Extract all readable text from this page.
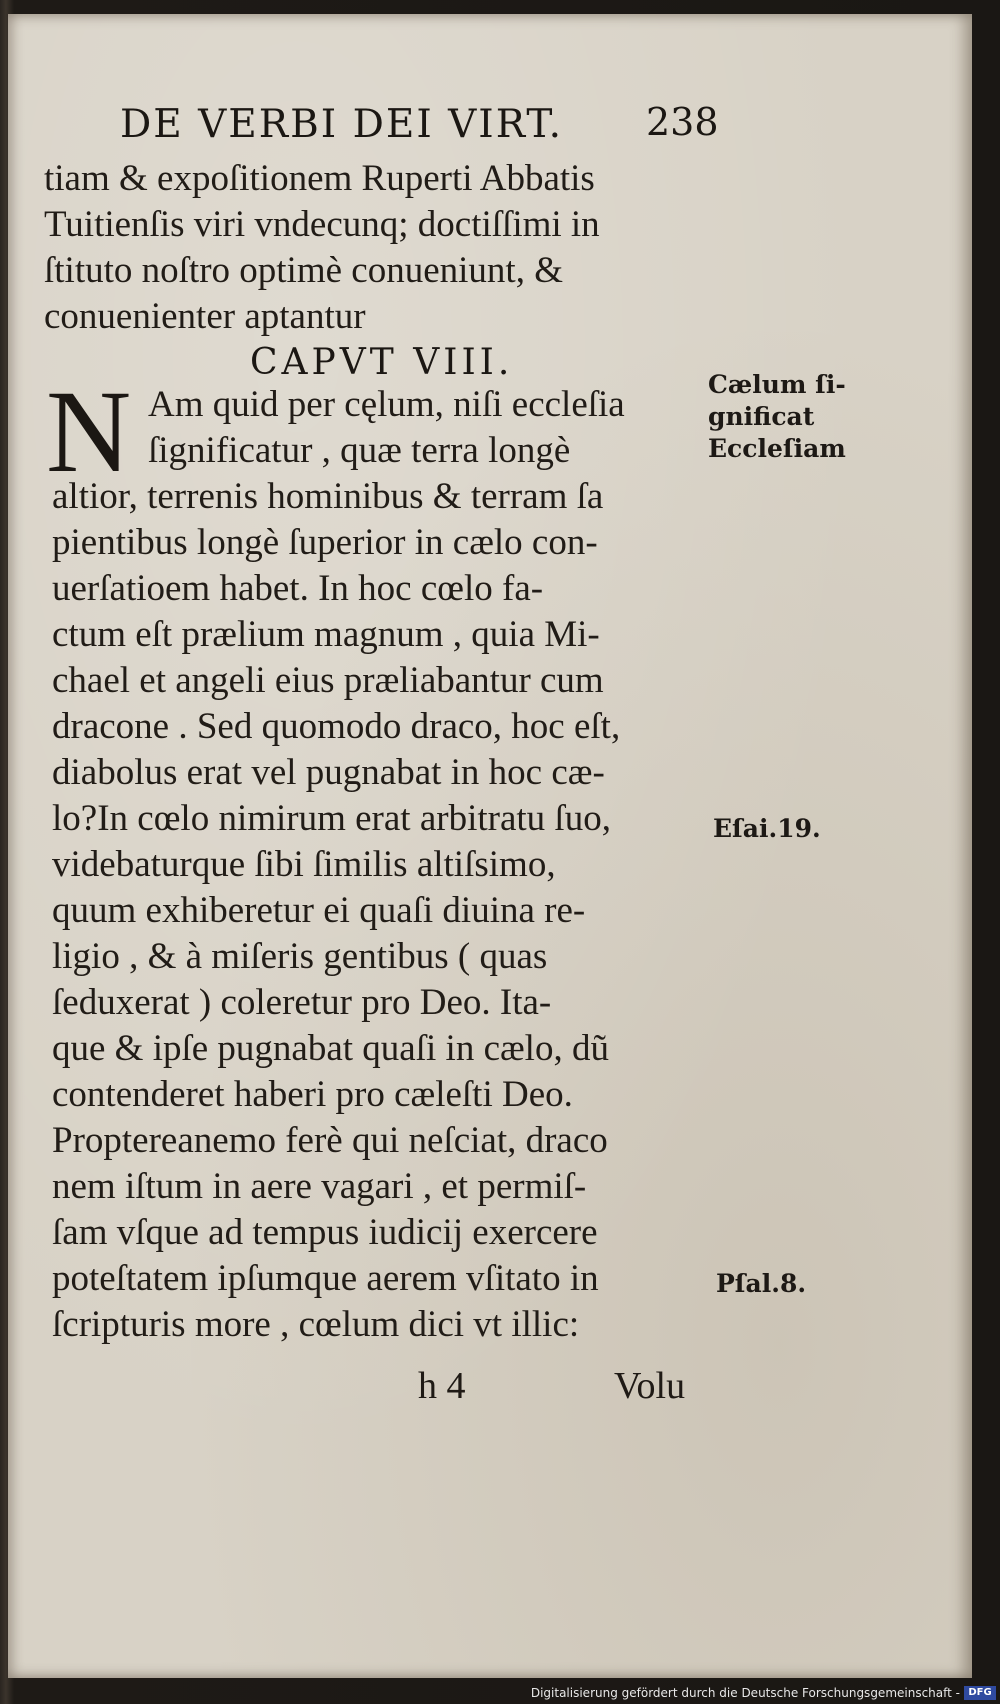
DE VERBI DEI VIRT. 238
tiam & expoſitionem Ruperti Abbatis
Tuitienſis viri vndecunq; doctiſſimi in
ſtituto noſtro optimè conueniunt, &
conuenienter aptantur
CAPVT VIII.
N Am quid per cęlum, niſi eccleſia
ſignificatur , quæ terra longè
altior, terrenis hominibus & terram ſa
pientibus longè ſuperior in cælo con-
uerſatioem habet. In hoc cœlo fa-
ctum eſt prælium magnum , quia Mi-
chael et angeli eius præliabantur cum
dracone . Sed quomodo draco, hoc eſt,
diabolus erat vel pugnabat in hoc cæ-
lo?In cœlo nimirum erat arbitratu ſuo,
videbaturque ſibi ſimilis altiſsimo,
quum exhiberetur ei quaſi diuina re-
ligio , & à miſeris gentibus ( quas
ſeduxerat ) coleretur pro Deo. Ita-
que & ipſe pugnabat quaſi in cælo, dũ
contenderet haberi pro cæleſti Deo.
Proptereanemo ferè qui neſciat, draco
nem iſtum in aere vagari , et permiſ-
ſam vſque ad tempus iudicij exercere
poteſtatem ipſumque aerem vſitato in
ſcripturis more , cœlum dici vt illic:
Cælum ſi-
gnificat
Eccleſiam
Eſai.19.
Pſal.8.
h 4	Volu
Digitalisierung gefördert durch die Deutsche Forschungsgemeinschaft - DFG
